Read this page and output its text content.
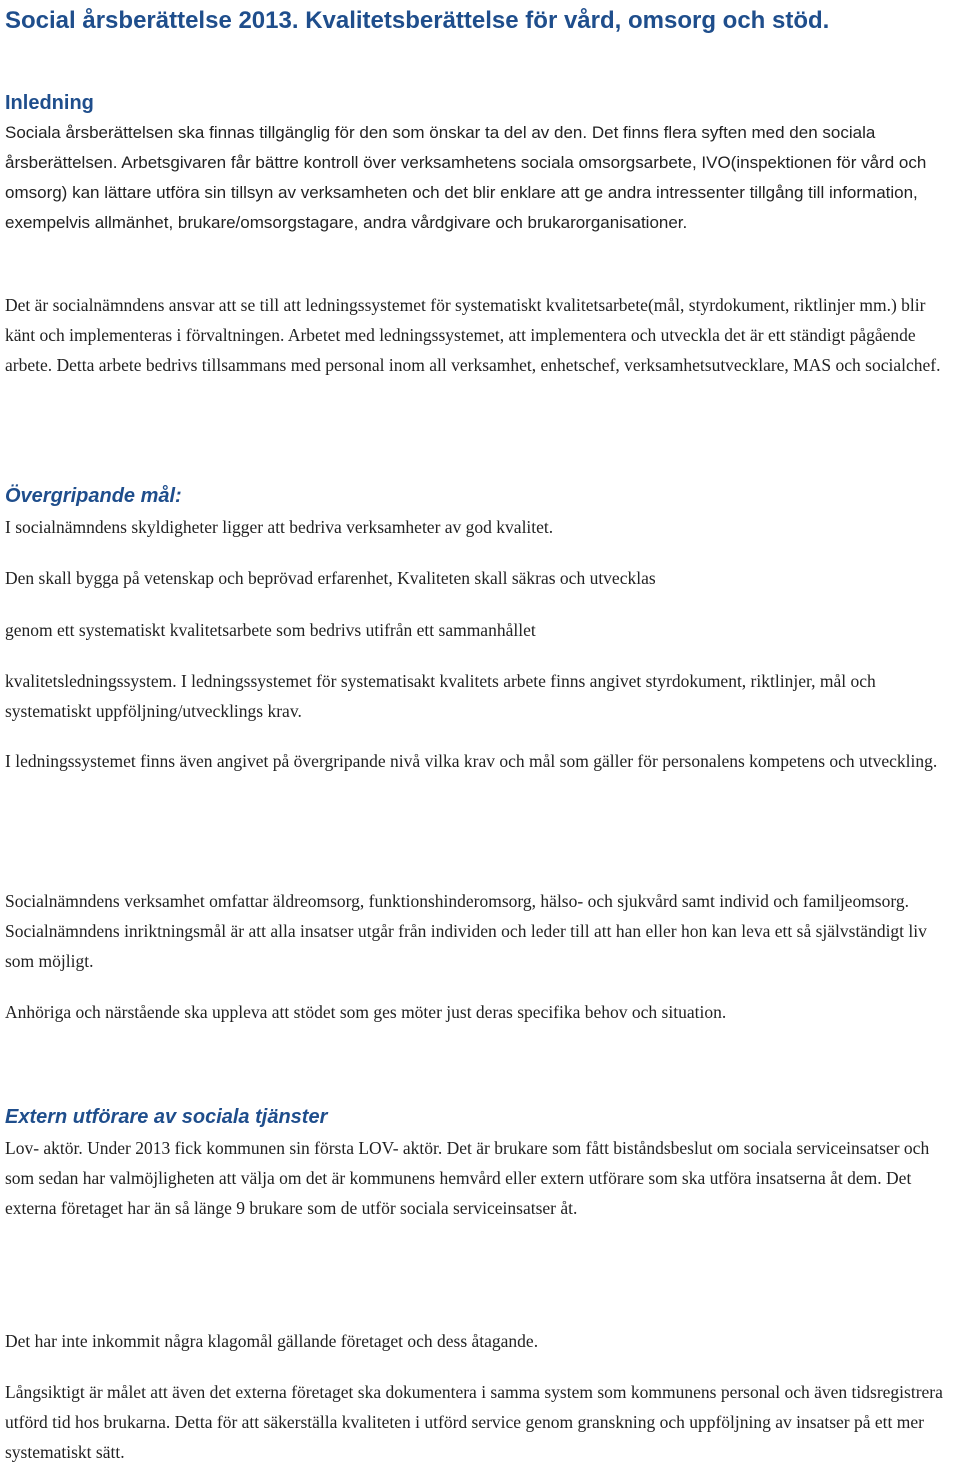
Social årsberättelse 2013. Kvalitetsberättelse för vård, omsorg och stöd.
Inledning

Sociala årsberättelsen ska finnas tillgänglig för den som önskar ta del av den. Det finns flera syften med den sociala årsberättelsen. Arbetsgivaren får bättre kontroll över verksamhetens sociala omsorgsarbete, IVO(inspektionen för vård och omsorg) kan lättare utföra sin tillsyn av verksamheten och det blir enklare att ge andra intressenter tillgång till information, exempelvis allmänhet, brukare/omsorgstagare, andra vårdgivare och brukarorganisationer.

Det är socialnämndens ansvar att se till att ledningssystemet för systematiskt kvalitetsarbete(mål, styrdokument, riktlinjer mm.) blir känt och implementeras i förvaltningen. Arbetet med ledningssystemet, att implementera och utveckla det är ett ständigt pågående arbete. Detta arbete bedrivs tillsammans med personal inom all verksamhet, enhetschef, verksamhetsutvecklare, MAS och socialchef.

Övergripande mål:

I socialnämndens skyldigheter ligger att bedriva verksamheter av god kvalitet.

Den skall bygga på vetenskap och beprövad erfarenhet, Kvaliteten skall säkras och utvecklas

genom ett systematiskt kvalitetsarbete som bedrivs utifrån ett sammanhållet

kvalitetsledningssystem. I ledningssystemet för systematisakt kvalitets arbete finns angivet styrdokument, riktlinjer, mål och systematiskt uppföljning/utvecklings krav.

I ledningssystemet finns även angivet på övergripande nivå vilka krav och mål som gäller för personalens kompetens och utveckling.

Socialnämndens verksamhet omfattar äldreomsorg, funktionshinderomsorg, hälso- och sjukvård samt individ och familjeomsorg. Socialnämndens inriktningsmål är att alla insatser utgår från individen och leder till att han eller hon kan leva ett så självständigt liv som möjligt.

Anhöriga och närstående ska uppleva att stödet som ges möter just deras specifika behov och situation.

Extern utförare av sociala tjänster

Lov- aktör. Under 2013 fick kommunen sin första LOV- aktör. Det är brukare som fått biståndsbeslut om sociala serviceinsatser och som sedan har valmöjligheten att välja om det är kommunens hemvård eller extern utförare som ska utföra insatserna åt dem. Det externa företaget har än så länge 9 brukare som de utför sociala serviceinsatser åt.

Det har inte inkommit några klagomål gällande företaget och dess åtagande.

Långsiktigt är målet att även det externa företaget ska dokumentera i samma system som kommunens personal och även tidsregistrera utförd tid hos brukarna. Detta för att säkerställa kvaliteten i utförd service genom granskning och uppföljning av insatser på ett mer systematiskt sätt.
